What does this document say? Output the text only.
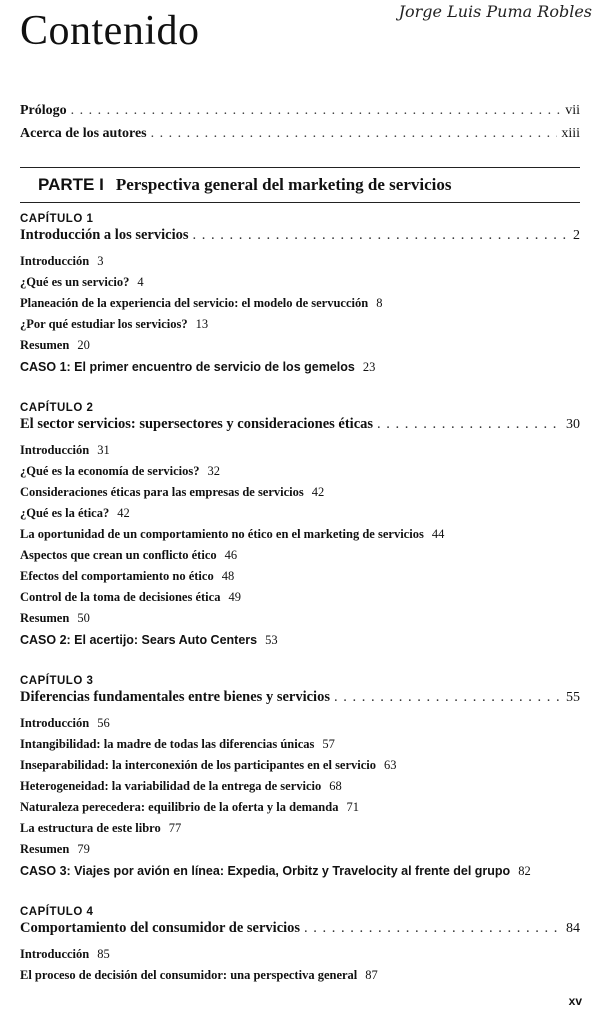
Jorge Luis Puma Robles
Contenido
Prólogo . . .	vii
Acerca de los autores . . .	xiii
PARTE I Perspectiva general del marketing de servicios
CAPÍTULO 1
Introducción a los servicios . . .	2
Introducción 3
¿Qué es un servicio? 4
Planeación de la experiencia del servicio: el modelo de servucción 8
¿Por qué estudiar los servicios? 13
Resumen 20
CASO 1: El primer encuentro de servicio de los gemelos 23
CAPÍTULO 2
El sector servicios: supersectores y consideraciones éticas . . .	30
Introducción 31
¿Qué es la economía de servicios? 32
Consideraciones éticas para las empresas de servicios 42
¿Qué es la ética? 42
La oportunidad de un comportamiento no ético en el marketing de servicios 44
Aspectos que crean un conflicto ético 46
Efectos del comportamiento no ético 48
Control de la toma de decisiones ética 49
Resumen 50
CASO 2: El acertijo: Sears Auto Centers 53
CAPÍTULO 3
Diferencias fundamentales entre bienes y servicios . . .	55
Introducción 56
Intangibilidad: la madre de todas las diferencias únicas 57
Inseparabilidad: la interconexión de los participantes en el servicio 63
Heterogeneidad: la variabilidad de la entrega de servicio 68
Naturaleza perecedera: equilibrio de la oferta y la demanda 71
La estructura de este libro 77
Resumen 79
CASO 3: Viajes por avión en línea: Expedia, Orbitz y Travelocity al frente del grupo 82
CAPÍTULO 4
Comportamiento del consumidor de servicios . . .	84
Introducción 85
El proceso de decisión del consumidor: una perspectiva general 87
xv
